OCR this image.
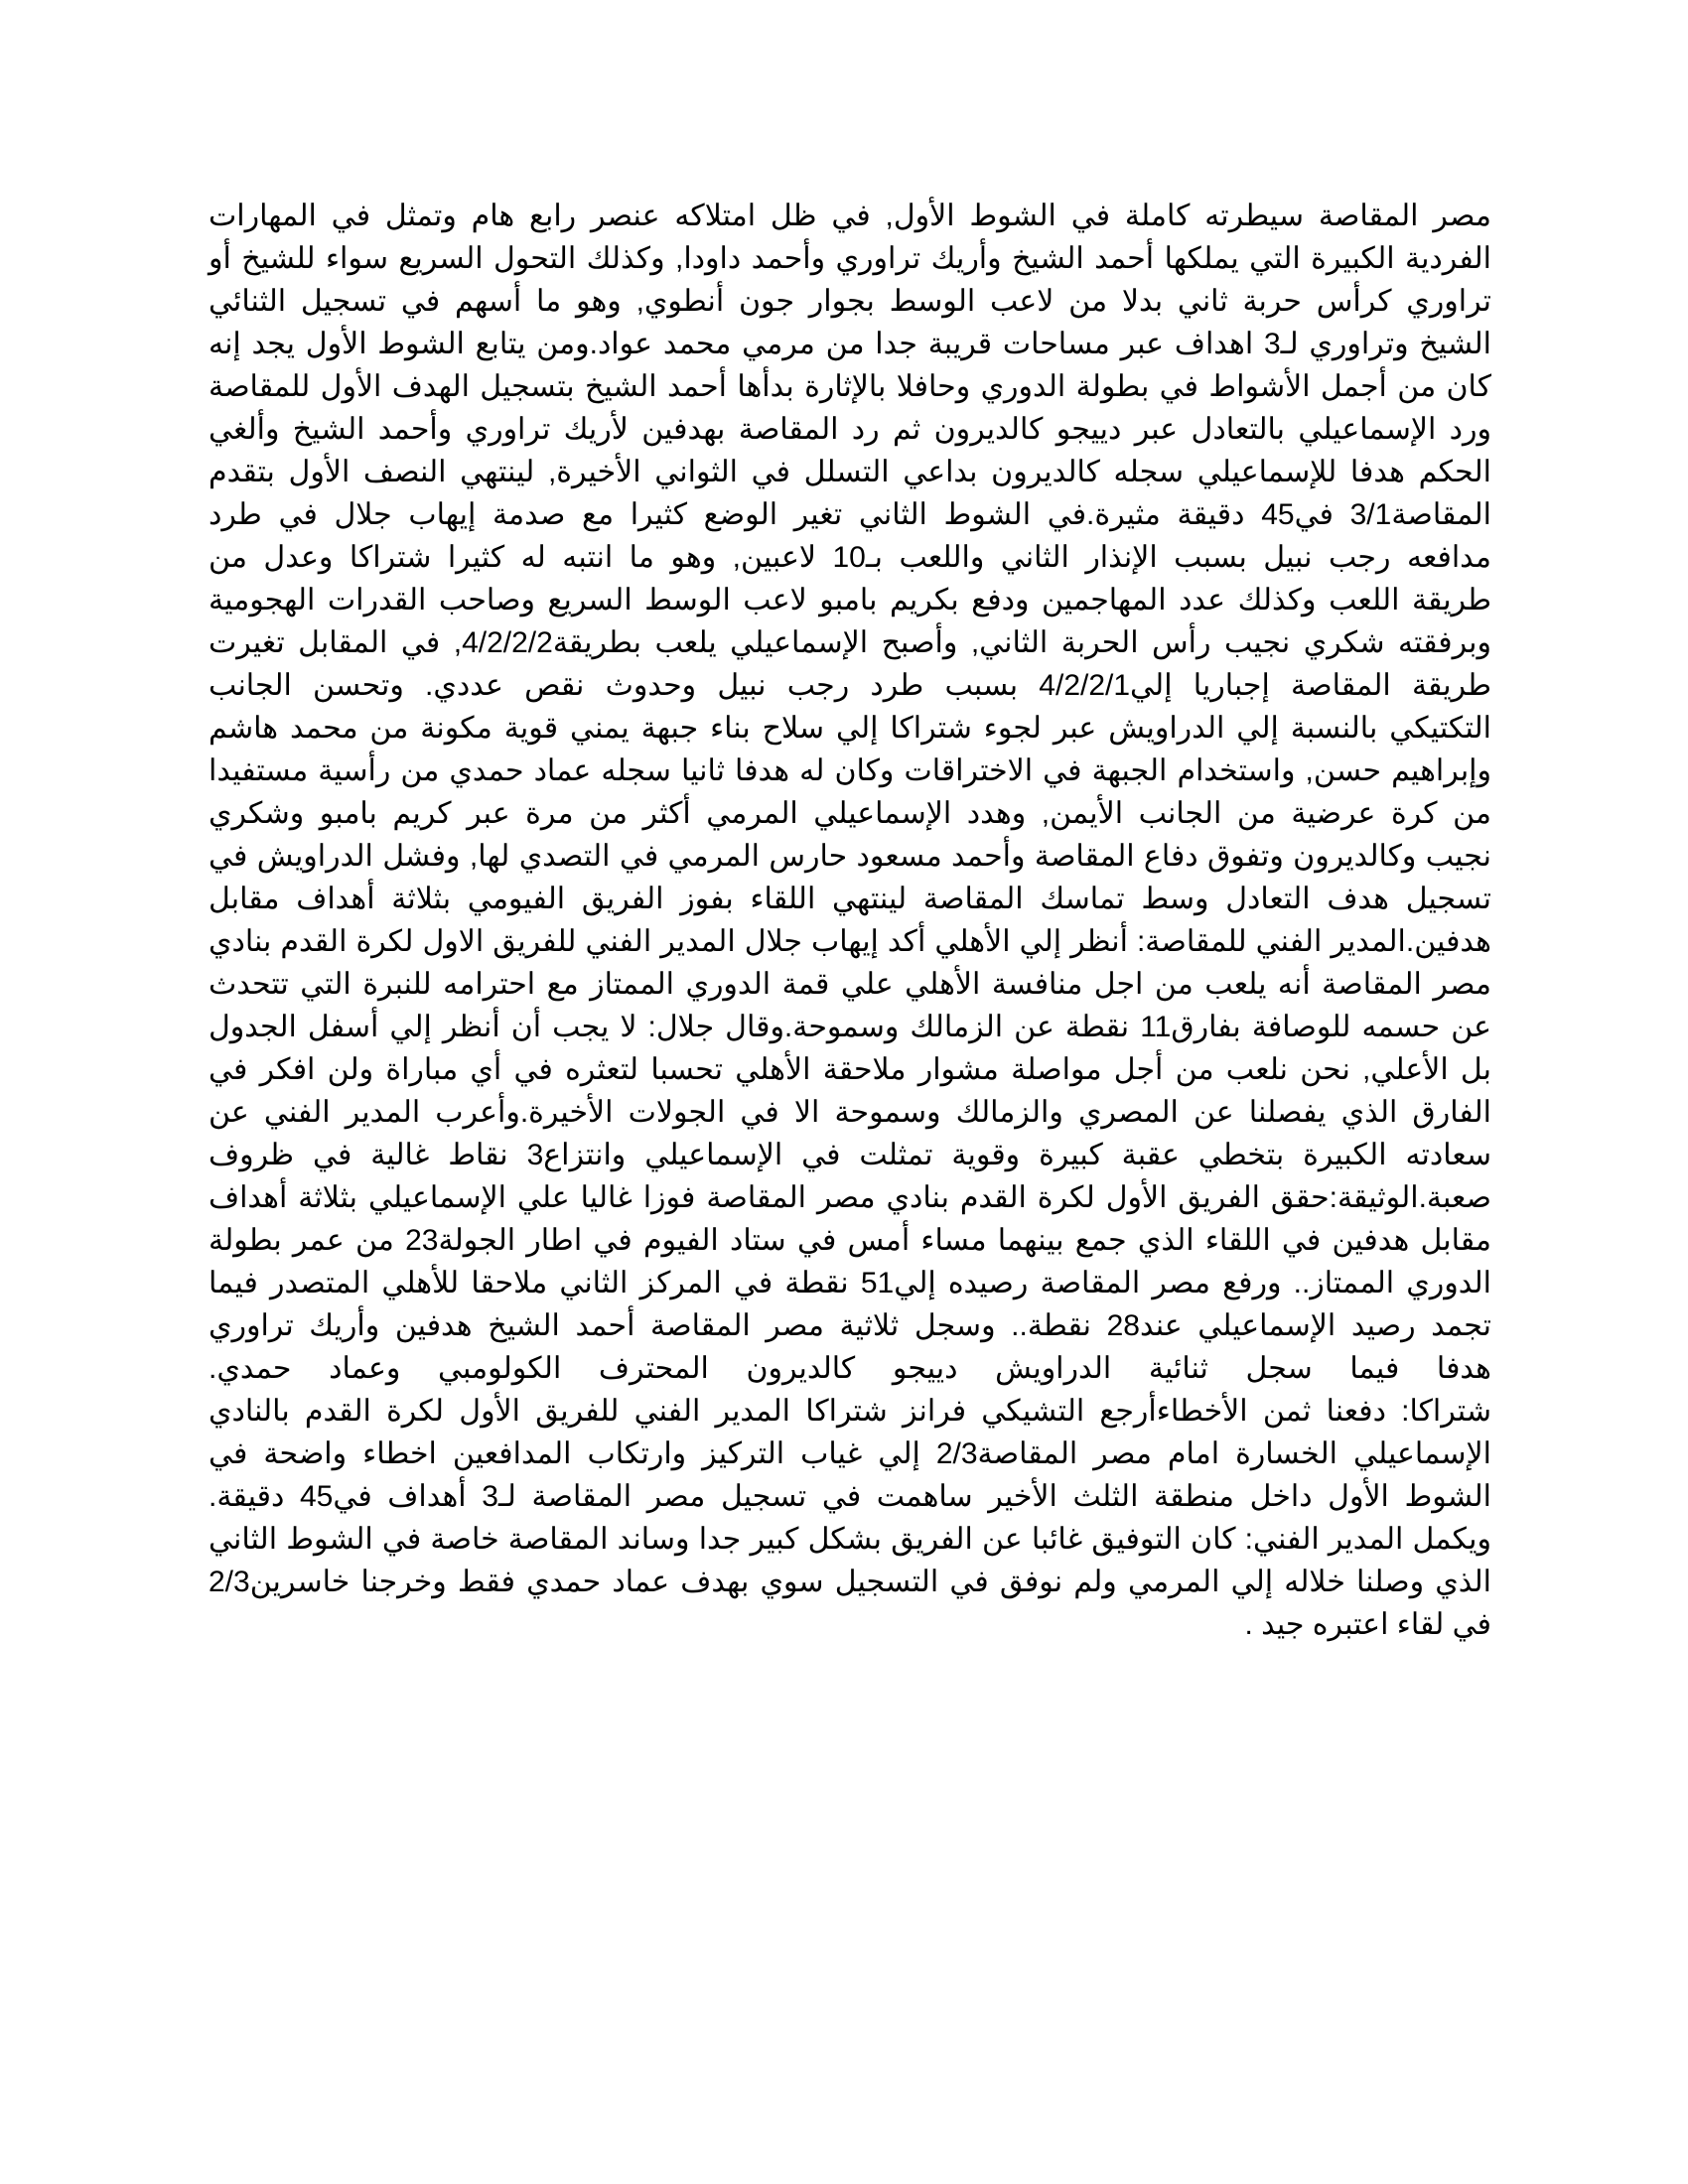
مصر المقاصة سيطرته كاملة في الشوط الأول, في ظل امتلاكه عنصر رابع هام وتمثل في المهارات
الفردية الكبيرة التي يملكها أحمد الشيخ وأريك تراوري وأحمد داودا, وكذلك التحول السريع سواء للشيخ أو
تراوري كرأس حربة ثاني بدلا من لاعب الوسط بجوار جون أنطوي, وهو ما أسهم في تسجيل الثنائي
الشيخ وتراوري لـ3 اهداف عبر مساحات قريبة جدا من مرمي محمد عواد.ومن يتابع الشوط الأول يجد إنه
كان من أجمل الأشواط في بطولة الدوري وحافلا بالإثارة بدأها أحمد الشيخ بتسجيل الهدف الأول للمقاصة
ورد الإسماعيلي بالتعادل عبر دييجو كالديرون ثم رد المقاصة بهدفين لأريك تراوري وأحمد الشيخ وألغي
الحكم هدفا للإسماعيلي سجله كالديرون بداعي التسلل في الثواني الأخيرة, لينتهي النصف الأول بتقدم
المقاصة3/1 في45 دقيقة مثيرة.في الشوط الثاني تغير الوضع كثيرا مع صدمة إيهاب جلال في طرد
مدافعه رجب نبيل بسبب الإنذار الثاني واللعب بـ10 لاعبين, وهو ما انتبه له كثيرا شتراكا وعدل من
طريقة اللعب وكذلك عدد المهاجمين ودفع بكريم بامبو لاعب الوسط السريع وصاحب القدرات الهجومية
وبرفقته شكري نجيب رأس الحربة الثاني, وأصبح الإسماعيلي يلعب بطريقة4/2/2/2, في المقابل تغيرت
طريقة المقاصة إجباريا إلي4/2/2/1 بسبب طرد رجب نبيل وحدوث نقص عددي. وتحسن الجانب
التكتيكي بالنسبة إلي الدراويش عبر لجوء شتراكا إلي سلاح بناء جبهة يمني قوية مكونة من محمد هاشم
وإبراهيم حسن, واستخدام الجبهة في الاختراقات وكان له هدفا ثانيا سجله عماد حمدي من رأسية مستفيدا
من كرة عرضية من الجانب الأيمن, وهدد الإسماعيلي المرمي أكثر من مرة عبر كريم بامبو وشكري
نجيب وكالديرون وتفوق دفاع المقاصة وأحمد مسعود حارس المرمي في التصدي لها, وفشل الدراويش في
تسجيل هدف التعادل وسط تماسك المقاصة لينتهي اللقاء بفوز الفريق الفيومي بثلاثة أهداف مقابل
هدفين.المدير الفني للمقاصة: أنظر إلي الأهلي أكد إيهاب جلال المدير الفني للفريق الاول لكرة القدم بنادي
مصر المقاصة أنه يلعب من اجل منافسة الأهلي علي قمة الدوري الممتاز مع احترامه للنبرة التي تتحدث
عن حسمه للوصافة بفارق11 نقطة عن الزمالك وسموحة.وقال جلال: لا يجب أن أنظر إلي أسفل الجدول
بل الأعلي, نحن نلعب من أجل مواصلة مشوار ملاحقة الأهلي تحسبا لتعثره في أي مباراة ولن افكر في
الفارق الذي يفصلنا عن المصري والزمالك وسموحة الا في الجولات الأخيرة.وأعرب المدير الفني عن
سعادته الكبيرة بتخطي عقبة كبيرة وقوية تمثلت في الإسماعيلي وانتزاع3 نقاط غالية في ظروف
صعبة.الوثيقة:حقق الفريق الأول لكرة القدم بنادي مصر المقاصة فوزا غاليا علي الإسماعيلي بثلاثة أهداف
مقابل هدفين في اللقاء الذي جمع بينهما مساء أمس في ستاد الفيوم في اطار الجولة23 من عمر بطولة
الدوري الممتاز.. ورفع مصر المقاصة رصيده إلي51 نقطة في المركز الثاني ملاحقا للأهلي المتصدر فيما
تجمد رصيد الإسماعيلي عند28 نقطة.. وسجل ثلاثية مصر المقاصة أحمد الشيخ هدفين وأريك تراوري
هدفا فيما سجل ثنائية الدراويش دييجو كالديرون المحترف الكولومبي وعماد حمدي.
شتراكا: دفعنا ثمن الأخطاءأرجع التشيكي فرانز شتراكا المدير الفني للفريق الأول لكرة القدم بالنادي
الإسماعيلي الخسارة امام مصر المقاصة2/3 إلي غياب التركيز وارتكاب المدافعين اخطاء واضحة في
الشوط الأول داخل منطقة الثلث الأخير ساهمت في تسجيل مصر المقاصة لـ3 أهداف في45 دقيقة.
ويكمل المدير الفني: كان التوفيق غائبا عن الفريق بشكل كبير جدا وساند المقاصة خاصة في الشوط الثاني
الذي وصلنا خلاله إلي المرمي ولم نوفق في التسجيل سوي بهدف عماد حمدي فقط وخرجنا خاسرين2/3
في لقاء اعتبره جيد .
